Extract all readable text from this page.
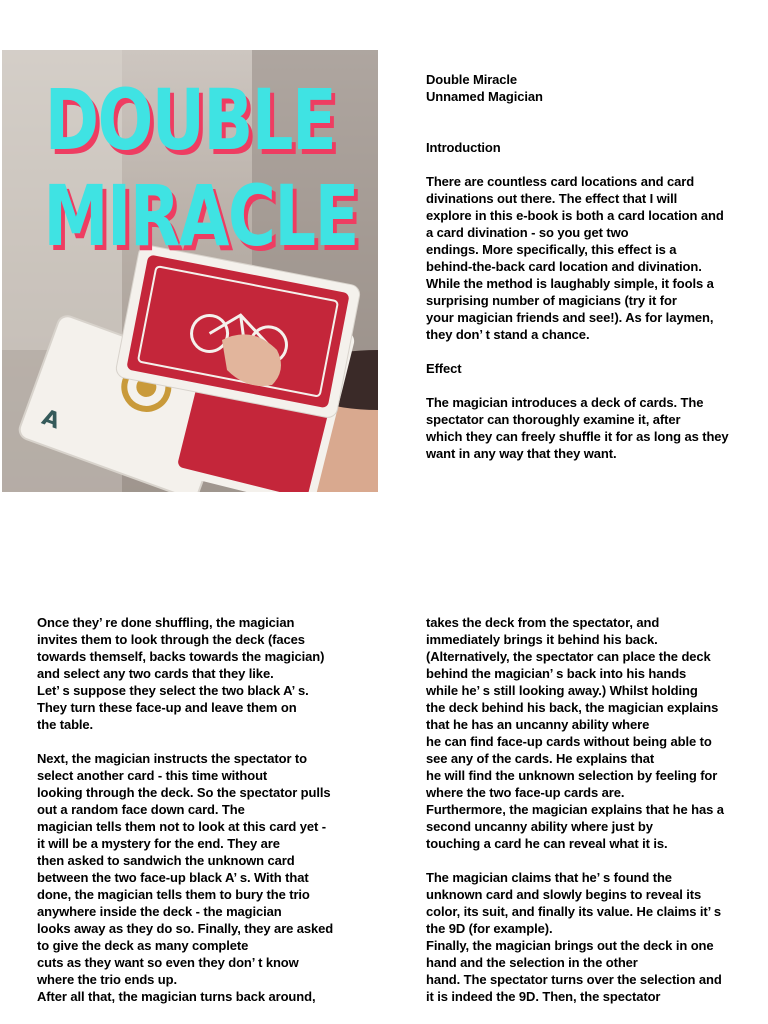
A
DOUBLE
MIRACLE
Double Miracle
Unnamed Magician
Introduction

There are countless card locations and card
divinations out there. The effect that I will
explore in this e-book is both a card location and
a card divination - so you get two
endings. More specifically, this effect is a
behind-the-back card location and divination.
While the method is laughably simple, it fools a
surprising number of magicians (try it for
your magician friends and see!). As for laymen,
they don’ t stand a chance.

Effect

The magician introduces a deck of cards. The
spectator can thoroughly examine it, after
which they can freely shuffle it for as long as they
want in any way that they want.
Once they’ re done shuffling, the magician
invites them to look through the deck (faces
towards themself, backs towards the magician)
and select any two cards that they like.
Let’ s suppose they select the two black A’ s.
They turn these face-up and leave them on
the table.

Next, the magician instructs the spectator to
select another card - this time without
looking through the deck. So the spectator pulls
out a random face down card. The
magician tells them not to look at this card yet -
it will be a mystery for the end. They are
then asked to sandwich the unknown card
between the two face-up black A’ s. With that
done, the magician tells them to bury the trio
anywhere inside the deck - the magician
looks away as they do so. Finally, they are asked
to give the deck as many complete
cuts as they want so even they don’ t know
where the trio ends up.
After all that, the magician turns back around,
takes the deck from the spectator, and
immediately brings it behind his back.
(Alternatively, the spectator can place the deck
behind the magician’ s back into his hands
while he’ s still looking away.) Whilst holding
the deck behind his back, the magician explains
that he has an uncanny ability where
he can find face-up cards without being able to
see any of the cards. He explains that
he will find the unknown selection by feeling for
where the two face-up cards are.
Furthermore, the magician explains that he has a
second uncanny ability where just by
touching a card he can reveal what it is.

The magician claims that he’ s found the
unknown card and slowly begins to reveal its
color, its suit, and finally its value. He claims it’ s
the 9D (for example).
Finally, the magician brings out the deck in one
hand and the selection in the other
hand. The spectator turns over the selection and
it is indeed the 9D. Then, the spectator
